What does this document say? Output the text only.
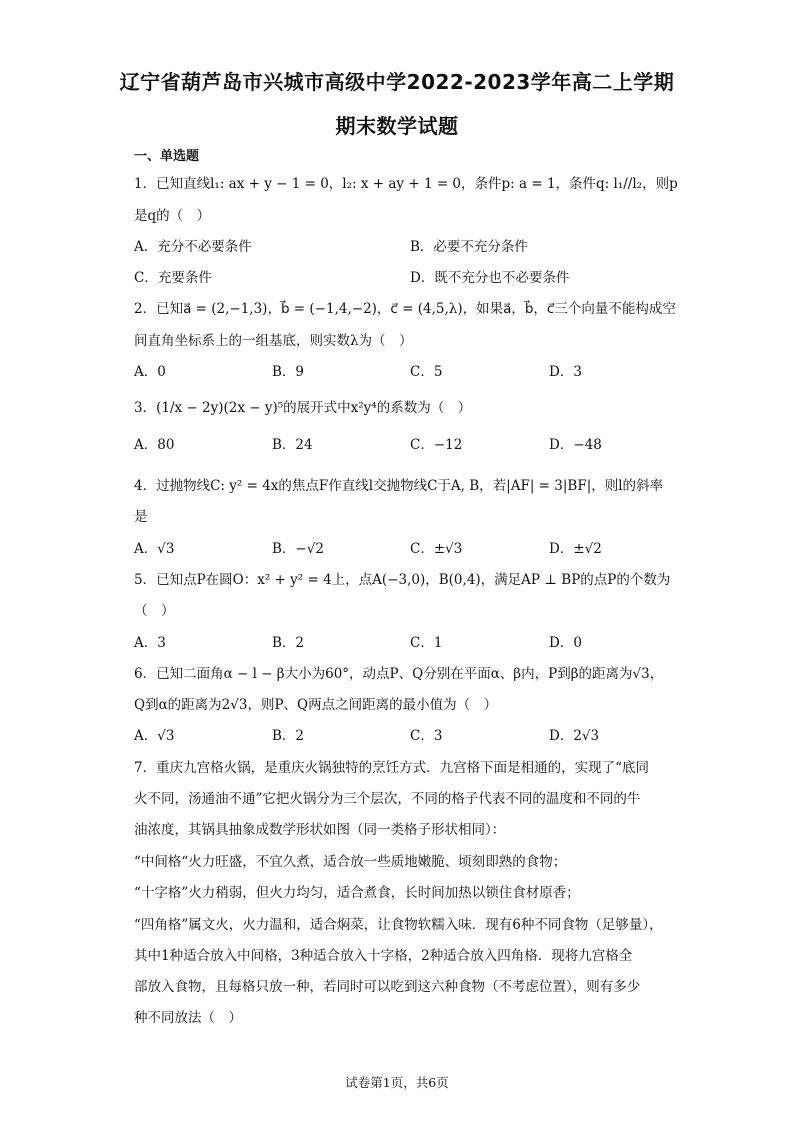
辽宁省葫芦岛市兴城市高级中学2022-2023学年高二上学期
期末数学试题
一、单选题
1．已知直线l₁: ax + y − 1 = 0，l₂: x + ay + 1 = 0，条件p: a = 1，条件q: l₁//l₂，则p
是q的（　）
A．充分不必要条件	B．必要不充分条件
C．充要条件	D．既不充分也不必要条件
2．已知a⃗ = (2,−1,3)，b⃗ = (−1,4,−2)，c⃗ = (4,5,λ)，如果a⃗，b⃗，c⃗三个向量不能构成空
间直角坐标系上的一组基底，则实数λ为（　）
A．0	B．9	C．5	D．3
3．(1/x − 2y)(2x − y)⁵的展开式中x²y⁴的系数为（　）
A．80	B．24	C．−12	D．−48
4．过抛物线C: y² = 4x的焦点F作直线l交抛物线C于A, B，若|AF| = 3|BF|，则l的斜率
是
A．√3	B．−√2	C．±√3	D．±√2
5．已知点P在圆O：x² + y² = 4上，点A(−3,0)，B(0,4)，满足AP ⊥ BP的点P的个数为
（　）
A．3	B．2	C．1	D．0
6．已知二面角α − l − β大小为60°，动点P、Q分别在平面α、β内，P到β的距离为√3，
Q到α的距离为2√3，则P、Q两点之间距离的最小值为（　）
A．√3	B．2	C．3	D．2√3
7．重庆九宫格火锅，是重庆火锅独特的烹饪方式．九宫格下面是相通的，实现了“底同
火不同，汤通油不通”它把火锅分为三个层次，不同的格子代表不同的温度和不同的牛
油浓度，其锅具抽象成数学形状如图（同一类格子形状相同）：
“中间格“火力旺盛，不宜久煮，适合放一些质地嫩脆、顷刻即熟的食物；
“十字格”火力稍弱，但火力均匀，适合煮食，长时间加热以锁住食材原香；
“四角格”属文火，火力温和，适合焖菜，让食物软糯入味．现有6种不同食物（足够量），
其中1种适合放入中间格，3种适合放入十字格，2种适合放入四角格．现将九宫格全
部放入食物，且每格只放一种，若同时可以吃到这六种食物（不考虑位置），则有多少
种不同放法（　）
试卷第1页，共6页
